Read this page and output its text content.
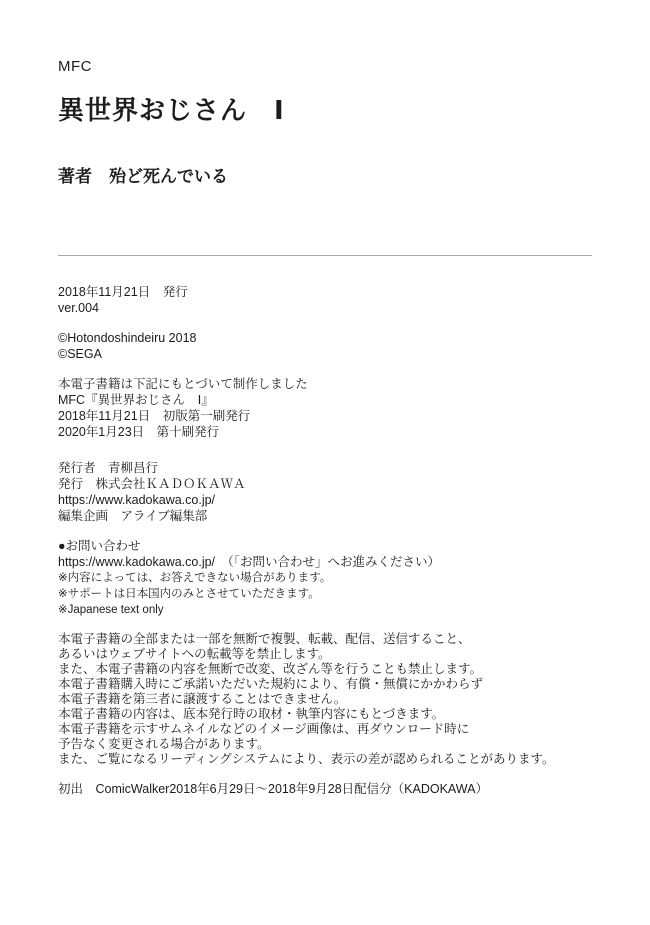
MFC
異世界おじさん　Ⅰ
著者　殆ど死んでいる
2018年11月21日　発行
ver.004
©Hotondoshindeiru 2018
©SEGA
本電子書籍は下記にもとづいて制作しました
MFC『異世界おじさん　Ⅰ』
2018年11月21日　初版第一刷発行
2020年1月23日　第十刷発行
発行者　青柳昌行
発行　株式会社ＫＡＤＯＫＡＷＡ
https://www.kadokawa.co.jp/
編集企画　アライブ編集部
●お問い合わせ
https://www.kadokawa.co.jp/　（「お問い合わせ」へお進みください）
※内容によっては、お答えできない場合があります。
※サポートは日本国内のみとさせていただきます。
※Japanese text only
本電子書籍の全部または一部を無断で複製、転載、配信、送信すること、
あるいはウェブサイトへの転載等を禁止します。
また、本電子書籍の内容を無断で改変、改ざん等を行うことも禁止します。
本電子書籍購入時にご承諾いただいた規約により、有償・無償にかかわらず
本電子書籍を第三者に譲渡することはできません。
本電子書籍の内容は、底本発行時の取材・執筆内容にもとづきます。
本電子書籍を示すサムネイルなどのイメージ画像は、再ダウンロード時に
予告なく変更される場合があります。
また、ご覧になるリーディングシステムにより、表示の差が認められることがあります。
初出　ComicWalker2018年6月29日～2018年9月28日配信分（KADOKAWA）
